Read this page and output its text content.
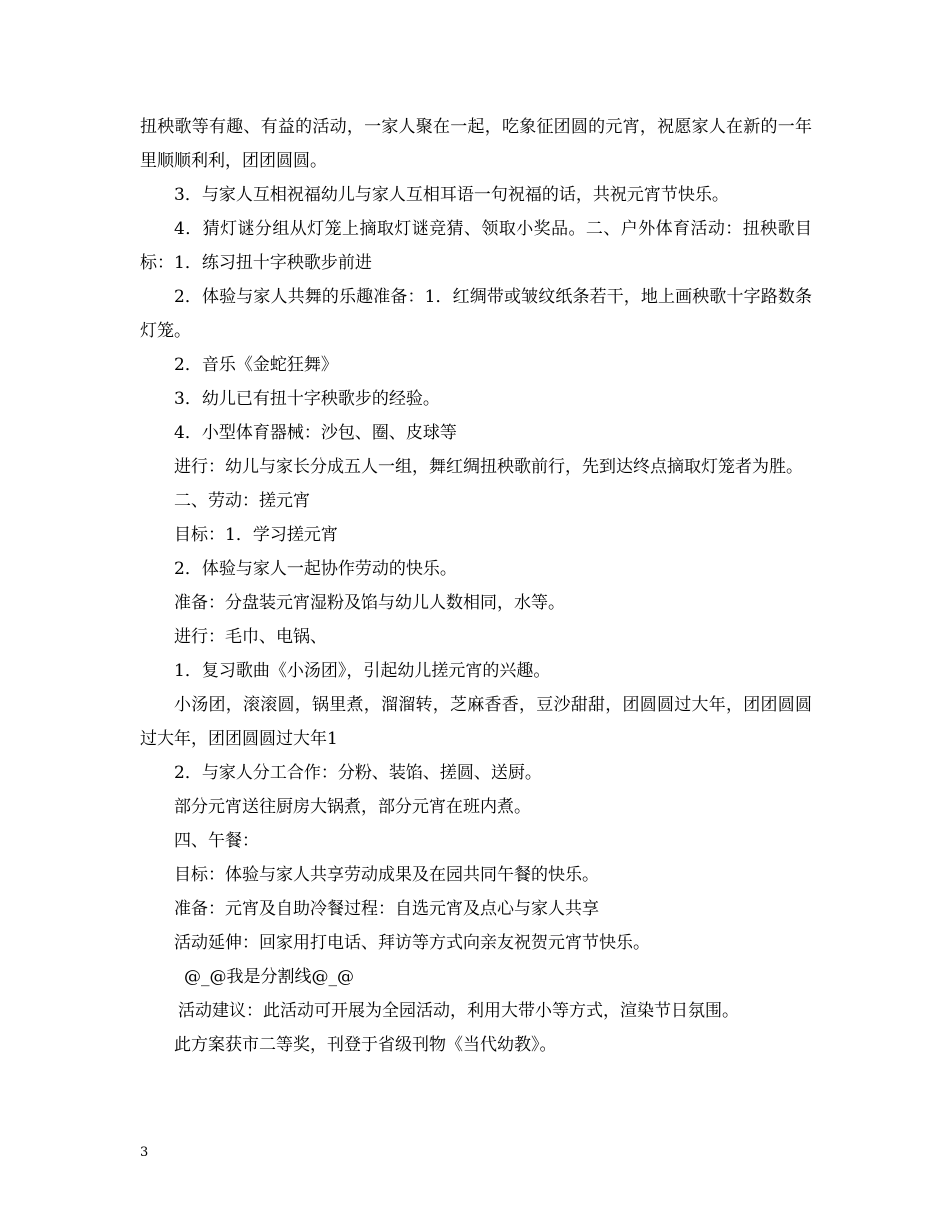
扭秧歌等有趣、有益的活动，一家人聚在一起，吃象征团圆的元宵，祝愿家人在新的一年里顺顺利利，团团圆圆。

3．与家人互相祝福幼儿与家人互相耳语一句祝福的话，共祝元宵节快乐。

4．猜灯谜分组从灯笼上摘取灯谜竞猜、领取小奖品。二、户外体育活动：扭秧歌目标：1．练习扭十字秧歌步前进

2．体验与家人共舞的乐趣准备：1．红绸带或皱纹纸条若干，地上画秧歌十字路数条灯笼。

2．音乐《金蛇狂舞》

3．幼儿已有扭十字秧歌步的经验。

4．小型体育器械：沙包、圈、皮球等

进行：幼儿与家长分成五人一组，舞红绸扭秧歌前行，先到达终点摘取灯笼者为胜。

二、劳动：搓元宵

目标：1．学习搓元宵

2．体验与家人一起协作劳动的快乐。

准备：分盘装元宵湿粉及馅与幼儿人数相同，水等。

进行：毛巾、电锅、

1．复习歌曲《小汤团》，引起幼儿搓元宵的兴趣。

小汤团，滚滚圆，锅里煮，溜溜转，芝麻香香，豆沙甜甜，团圆圆过大年，团团圆圆过大年，团团圆圆过大年1

2．与家人分工合作：分粉、装馅、搓圆、送厨。

部分元宵送往厨房大锅煮，部分元宵在班内煮。

四、午餐：

目标：体验与家人共享劳动成果及在园共同午餐的快乐。

准备：元宵及自助冷餐过程：自选元宵及点心与家人共享

活动延伸：回家用打电话、拜访等方式向亲友祝贺元宵节快乐。

@_@我是分割线@_@

活动建议：此活动可开展为全园活动，利用大带小等方式，渲染节日氛围。

此方案获市二等奖，刊登于省级刊物《当代幼教》。

3
